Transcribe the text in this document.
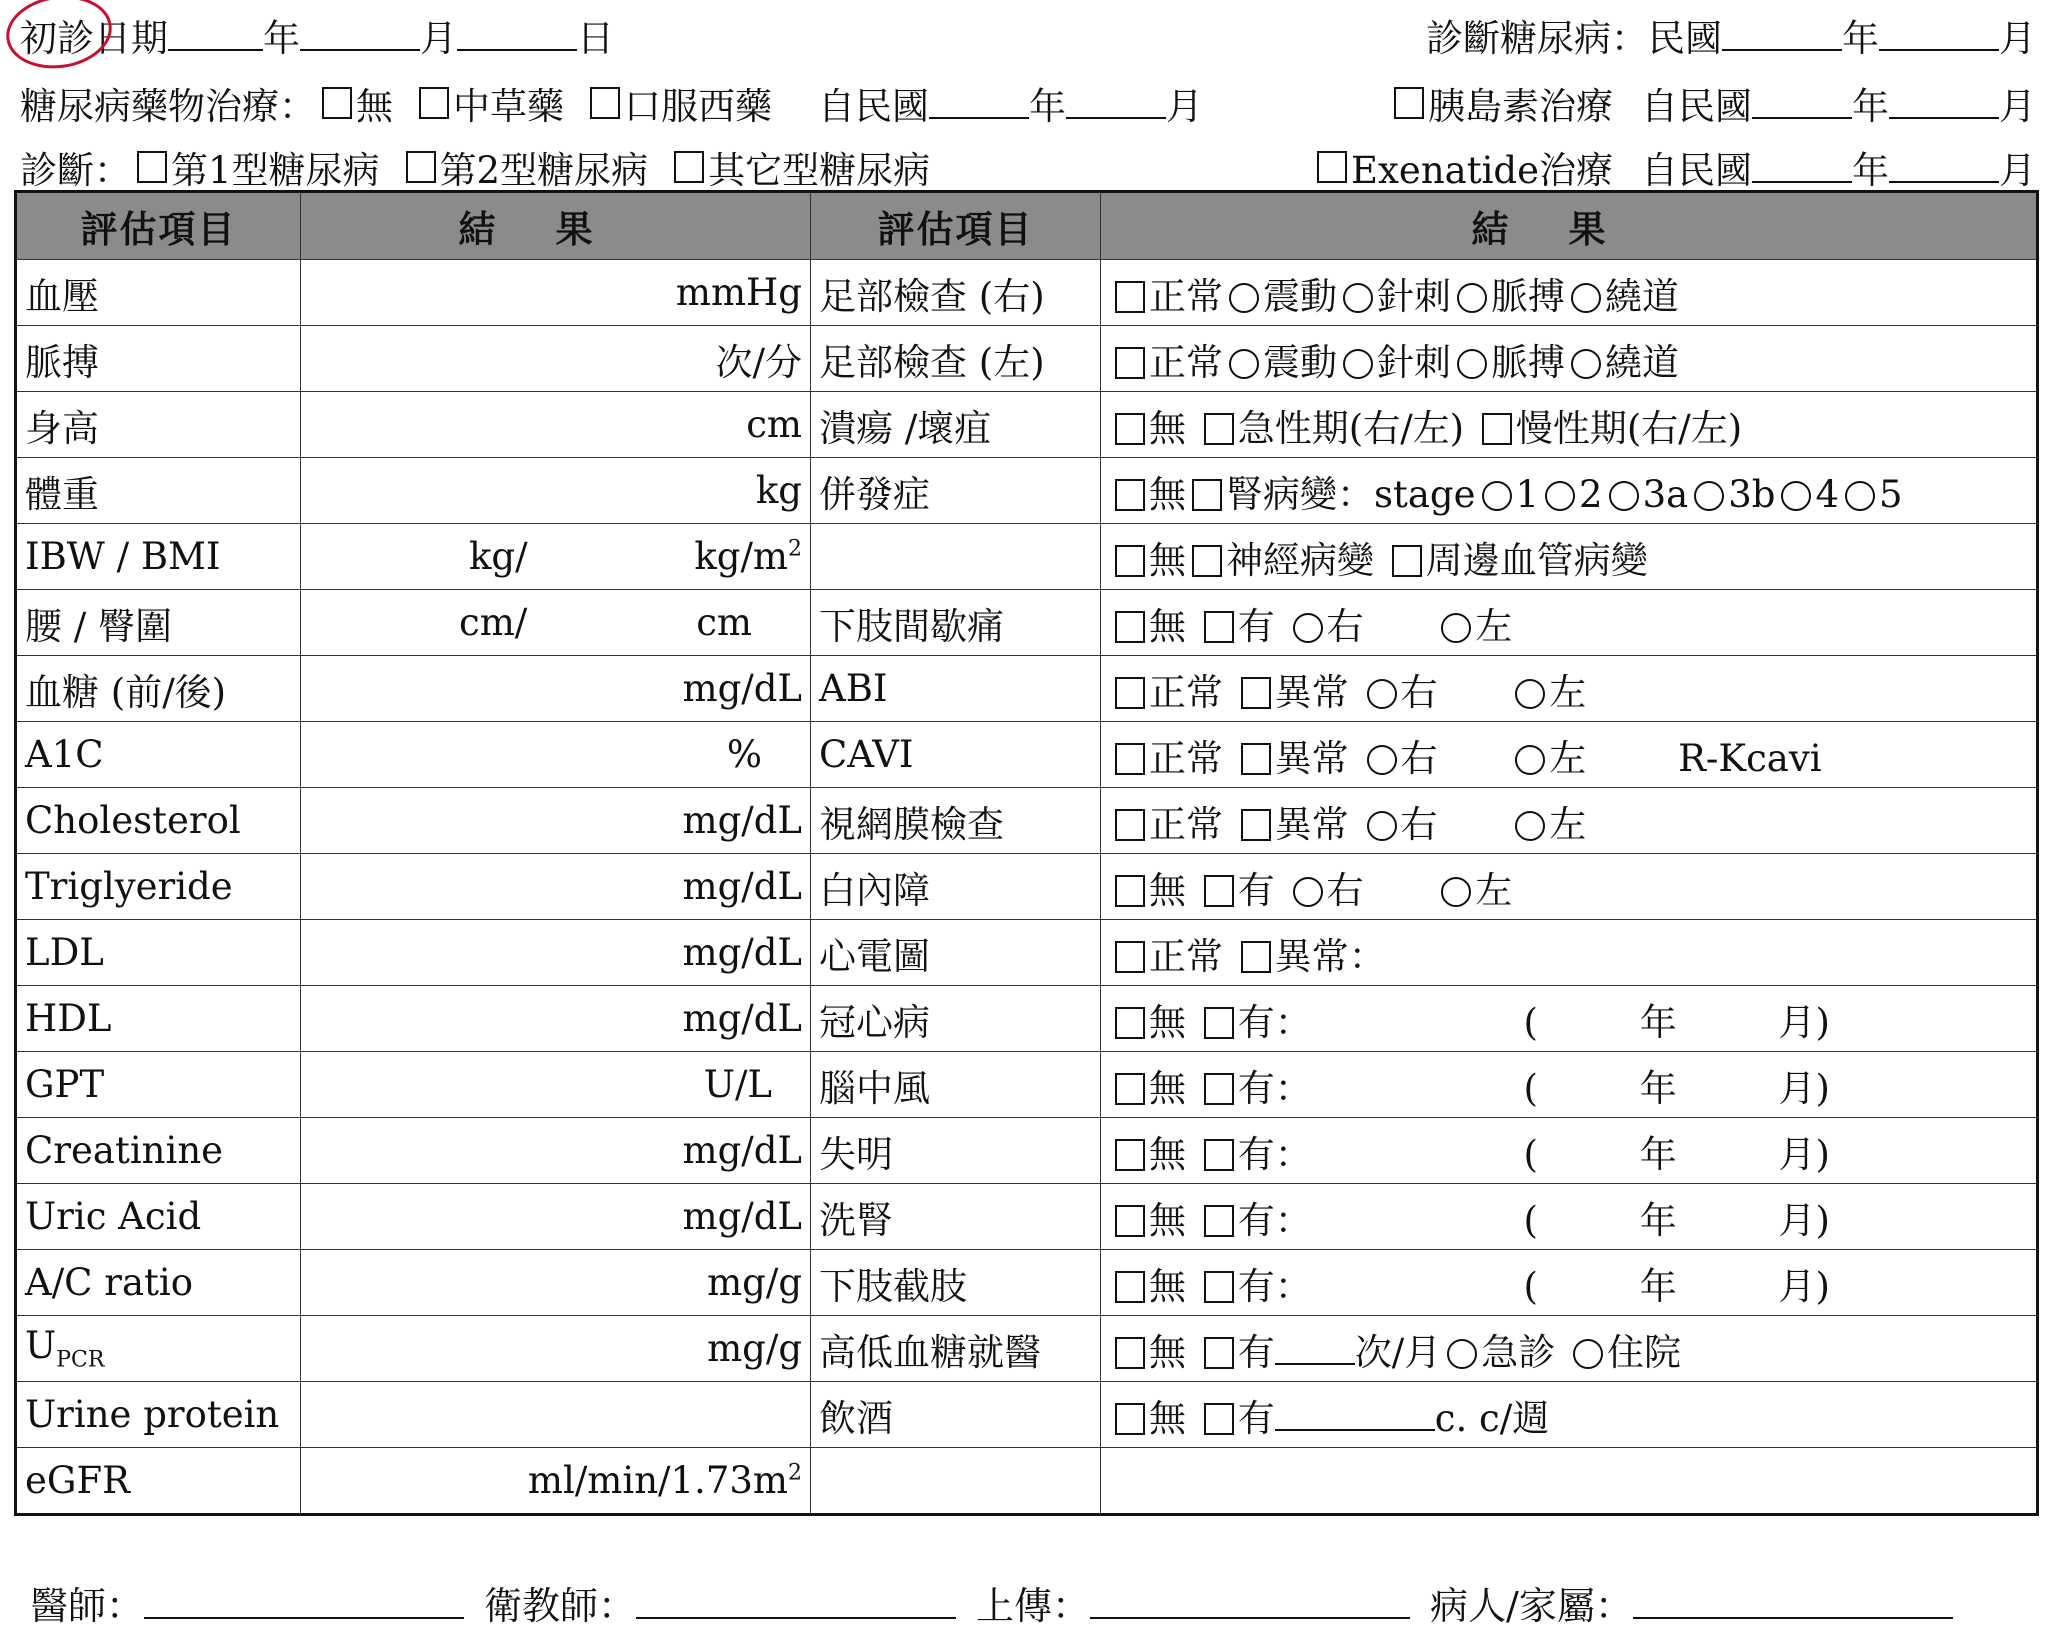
初診日期	年	月	日	診斷糖尿病：民國	年	月
糖尿病藥物治療： 無 中草藥 口服西藥 自民國	年	月	胰島素治療 自民國	年	月
診斷： 第1型糖尿病 第2型糖尿病 其它型糖尿病	Exenatide治療 自民國	年	月
評估項目	結果	評估項目	結果
血壓	mmHg	足部檢查 (右)	正常 震動 針刺 脈搏 繞道
脈搏	次/分	足部檢查 (左)	正常 震動 針刺 脈搏 繞道
身高	cm	潰瘍 /壞疽	無 急性期(右/左) 慢性期(右/左)
體重	kg	併發症	無 腎病變：stage 1 2 3a 3b 4 5
IBW / BMI	kg/ $kg/m^2$		無 神經病變 周邊血管病變
腰 / 臀圍	cm/ cm	下肢間歇痛	無 有 右 左
血糖 (前/後)	mg/dL	ABI	正常 異常 右 左
A1C	%	CAVI	正常 異常 右 左 R-Kcavi
Cholesterol	mg/dL	視網膜檢查	正常 異常 右 左
Triglyeride	mg/dL	白內障	無 有 右 左
LDL	mg/dL	心電圖	正常 異常：
HDL	mg/dL	冠心病	無 有： ( 年 月)
GPT	U/L	腦中風	無 有： ( 年 月)
Creatinine	mg/dL	失明	無 有： ( 年 月)
Uric Acid	mg/dL	洗腎	無 有： ( 年 月)
A/C ratio	mg/g	下肢截肢	無 有： ( 年 月)
$U_{PCR}$	mg/g	高低血糖就醫	無 有 次/月 急診 住院
Urine protein		飲酒	無 有 c. c/週
eGFR	$ml/\min/1.73m^2$		
醫師：	衛教師：	上傳：	病人/家屬：
